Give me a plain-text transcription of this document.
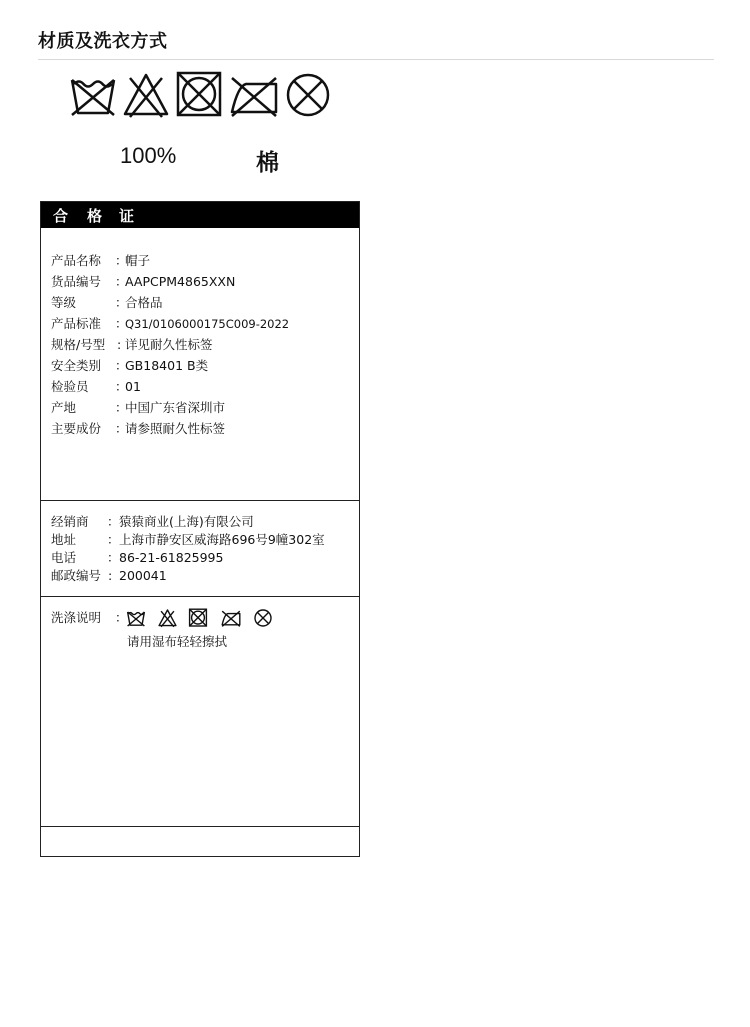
材质及洗衣方式
100%	棉
合 格 证
产品名称 ：
帽子
货品编号 ：
AAPCPM4865XXN
等级	：
合格品
产品标准 ：
Q31/0106000175C009-2022
规格/号型 : 详见耐久性标签
安全类别 ：
GB18401 B类
检验员 ：
01
产地	：
中国广东省深圳市
主要成份 ：
请参照耐久性标签
经销商 ： 猿猿商业(上海)有限公司
地址 ： 上海市静安区威海路696号9幢302室
电话 ： 86-21-61825995
邮政编号 : 200041
洗涤说明 ：
请用湿布轻轻擦拭
